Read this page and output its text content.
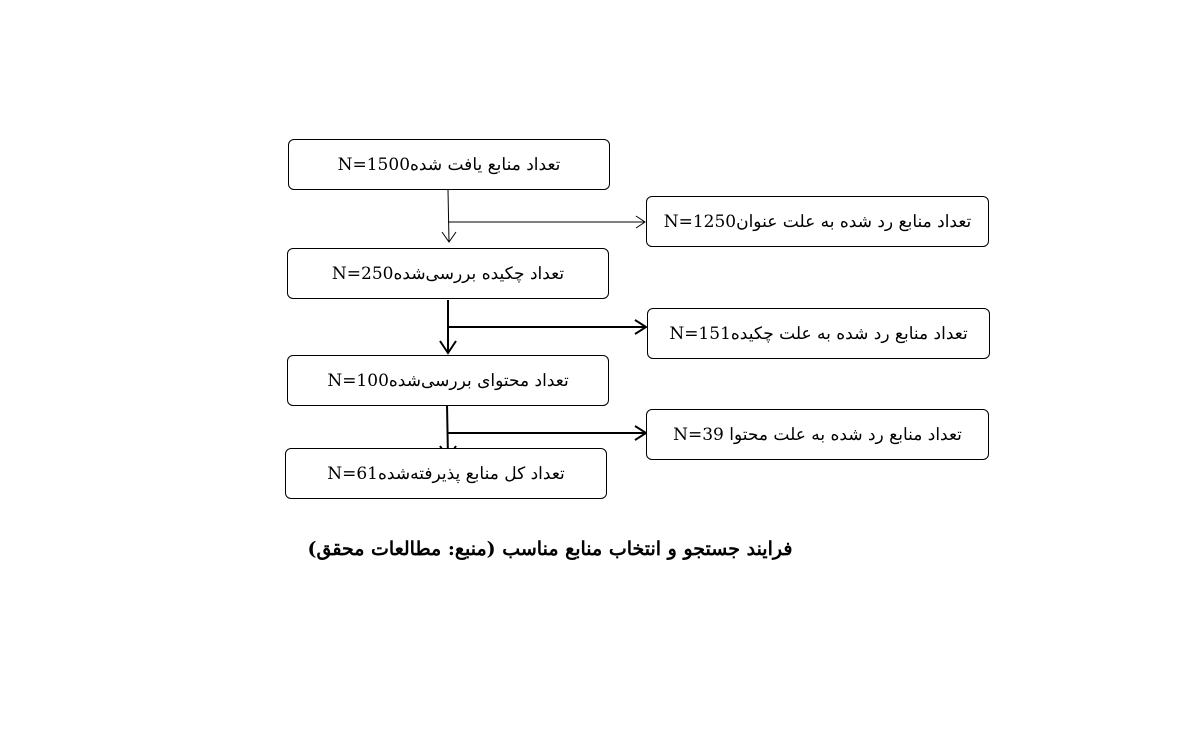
تعداد منابع یافت شدهN=1500
تعداد چکیده بررسی‌شدهN=250
تعداد محتوای بررسی‌شدهN=100
تعداد کل منابع پذیرفته‌شدهN=61
تعداد منابع رد شده به علت عنوانN=1250
تعداد منابع رد شده به علت چکیدهN=151
تعداد منابع رد شده به علت محتوا N=39
فرایند جستجو و انتخاب منابع مناسب (منبع: مطالعات محقق)
